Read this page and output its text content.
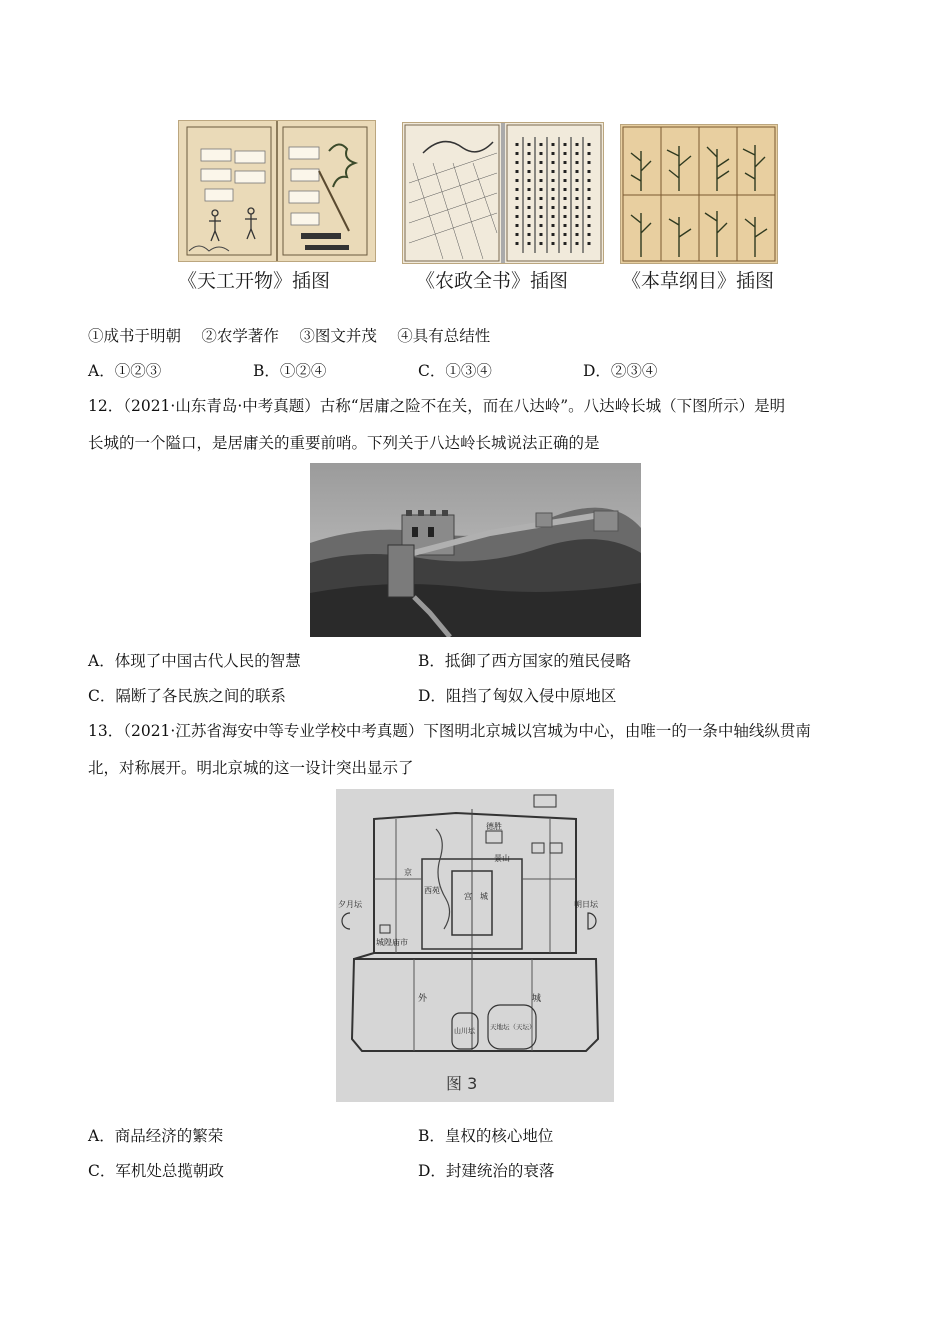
《天工开物》插图	《农政全书》插图	《本草纲目》插图
①成书于明朝　 ②农学著作　 ③图文并茂　 ④具有总结性
A．①②③	B．①②④	C．①③④	D．②③④
12．（2021·山东青岛·中考真题）古称“居庸之险不在关，而在八达岭”。八达岭长城（下图所示）是明
长城的一个隘口，是居庸关的重要前哨。下列关于八达岭长城说法正确的是
A．体现了中国古代人民的智慧	B．抵御了西方国家的殖民侵略
C．隔断了各民族之间的联系	D．阻挡了匈奴入侵中原地区
13．（2021·江苏省海安中等专业学校中考真题）下图明北京城以宫城为中心，由唯一的一条中轴线纵贯南
北，对称展开。明北京城的这一设计突出显示了
德胜
夕月坛	朝日坛
城隍庙市
京
西苑
景山
宫 城
外	城
山川坛 天地坛（天坛）
图 3
A．商品经济的繁荣	B．皇权的核心地位
C．军机处总揽朝政	D．封建统治的衰落
